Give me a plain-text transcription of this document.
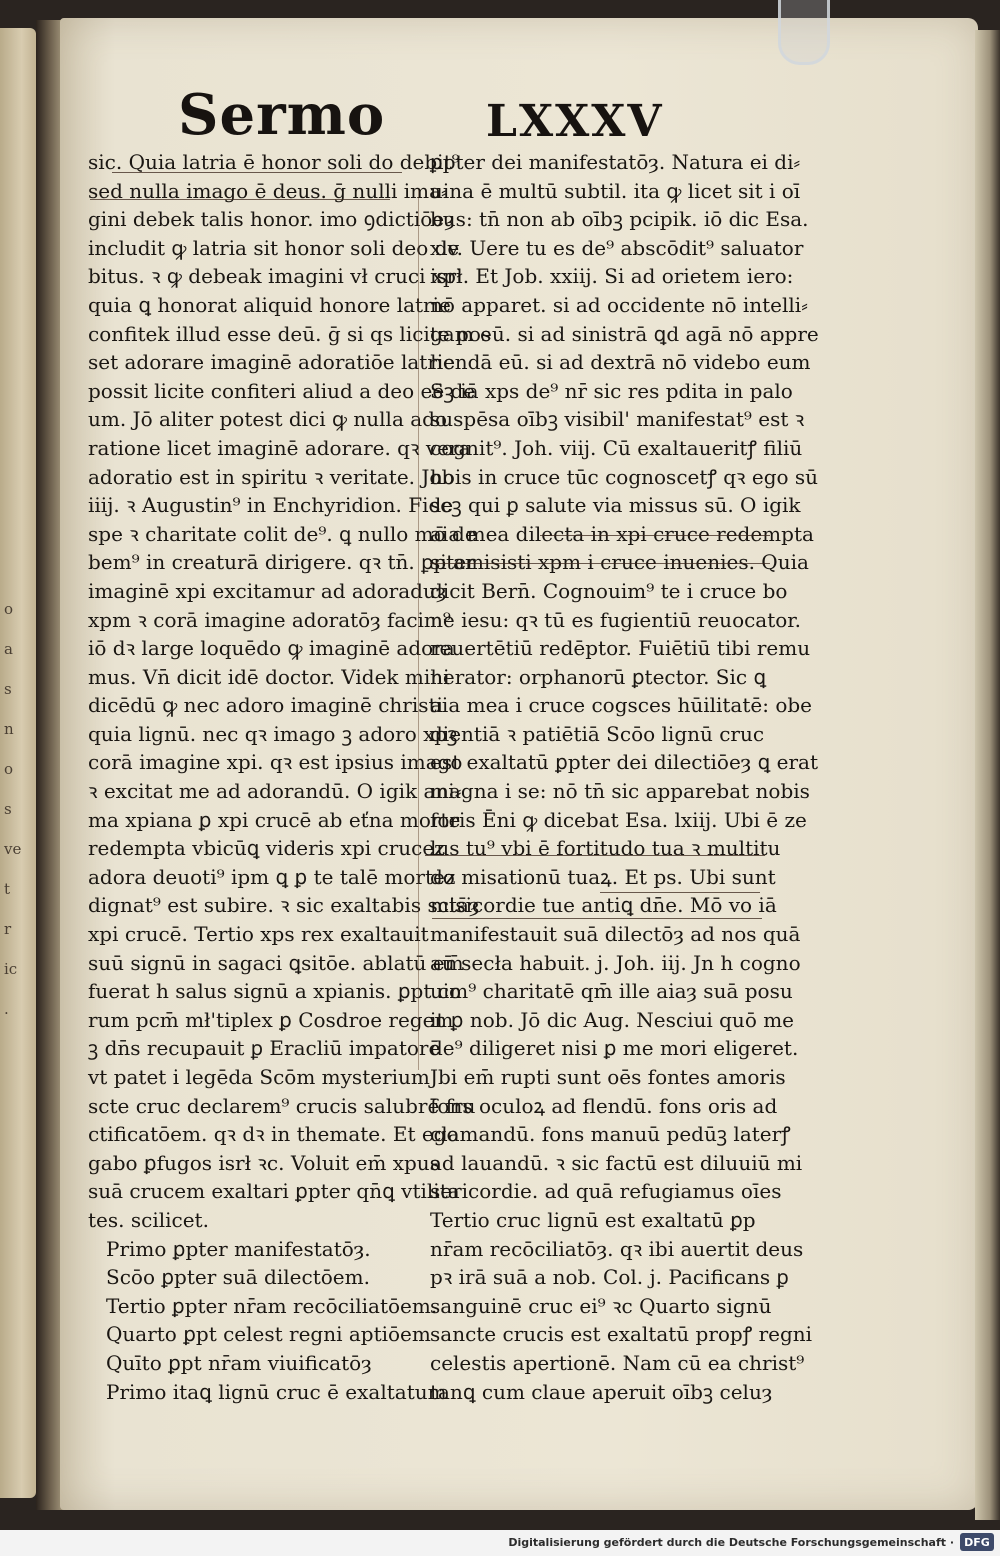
o
a
s
n
o
s
ve
t
r
ic
.
Sermo LXXXV
sic. Quia latria ē honor soli do debit⁹
sed nulla imago ē deus. ḡ nulli ima⸗
gini debek talis honor. imo ꝯdictiōeȝ
includit ꝙ latria sit honor soli deo de
bitus. ꝛ ꝙ debeak imagini vł cruci xpi
quia ꝗ honorat aliquid honore latrie
confitek illud esse deū. ḡ si qs licite pos
set adorare imaginē adoratiōe latrie
possit licite confiteri aliud a deo eē de
um. Jō aliter potest dici ꝙ nulla ado
ratione licet imaginē adorare. qꝛ vera
adoratio est in spiritu ꝛ veritate. Job
iiij. ꝛ Augustin⁹ in Enchyridion. Fide
spe ꝛ charitate colit de⁹. ꝗ nullo mō de
bem⁹ in creaturā dirigere. qꝛ tn̄. ꝑpter
imaginē xpi excitamur ad adoraduȝ
xpm ꝛ corā imagine adoratōȝ facim⁹
iō dꝛ large loquēdo ꝙ imaginē adora
mus. Vn̄ dicit idē doctor. Videk mihi
dicēdū ꝙ nec adoro imaginē christi
quia lignū. nec qꝛ imago ꝫ adoro xpꝫ
corā imagine xpi. qꝛ est ipsius imago
ꝛ excitat me ad adorandū. O igik ani⸗
ma xpiana ꝑ xpi crucē ab eťna morte
redempta vbicūꝗ videris xpi crucez
adora deuoti⁹ ipm ꝗ ꝑ te talē mortez
dignat⁹ est subire. ꝛ sic exaltabis sctāȝ
xpi crucē. Tertio xps rex exaltauit
suū signū in sagaci ꝗsitōe. ablatū em̄
fuerat h salus signū a xpianis. ꝑpt co
rum pcm̄ mł'tiplex ꝑ Cosdroe regem
ꝫ dn̄s recupauit ꝑ Eracliū impatorē
vt patet i legēda Scōm mysterium
scte cruc declarem⁹ crucis salubrē fru
ctificatōem. qꝛ dꝛ in themate. Et ego
gabo ꝑfugos isrł ꝛc. Voluit em̄ xpus
suā crucem exaltari ꝑpter qn̄ꝗ vtilita
tes. scilicet.
Primo ꝑpter manifestatōȝ.
Scōo ꝑpter suā dilectōem.
Tertio ꝑpter nr̄am recōciliatōem.
Quarto ꝑpt celest regni aptiōem
Quīto ꝑpt nr̄am viuificatōȝ
Primo itaꝗ lignū cruc ē exaltatum
ꝑpter dei manifestatōȝ. Natura ei di⸗
uina ē multū subtil. ita ꝙ licet sit i oī
bus: tn̄ non ab oībꝫ pcipik. iō dic Esa.
xlv. Uere tu es de⁹ abscōdit⁹ saluator
isrł. Et Job. xxiij. Si ad orietem iero:
nō apparet. si ad occidente nō intelli⸗
gam eū. si ad sinistrā ꝗd agā nō appre
hendā eū. si ad dextrā nō videbo eum
Sꝫ iā xps de⁹ nr̄ sic res pdita in palo
suspēsa oībꝫ visibil' manifestat⁹ est ꝛ
cognit⁹. Joh. viij. Cū exaltaueritꝭ filiū
hois in cruce tūc cognoscetꝭ qꝛ ego sū
scꝫ qui ꝑ salute via missus sū. O igik
aia mea dilecta in xpi cruce redempta
si amisisti xpm i cruce inuenies. Quia
dicit Bern̄. Cognouim⁹ te i cruce bo
ne iesu: qꝛ tū es fugientiū reuocator.
reuertētiū redēptor. Fuiētiū tibi remu
nerator: orphanorū ꝑtector. Sic ꝗ
aia mea i cruce cogsces hūilitatē: obe
dientiā ꝛ patiētiā Scōo lignū cruc
est exaltatū ꝑpter dei dilectiōeȝ ꝗ erat
magna i se: nō tn̄ sic apparebat nobis
foris Ēni ꝙ dicebat Esa. lxiij. Ubi ē ze
lus tu⁹ vbi ē fortitudo tua ꝛ multitu
do misationū tuaꝝ. Et ps. Ubi sunt
misicordie tue antiꝗ dn̄e. Mō vo iā
manifestauit suā dilectōȝ ad nos quā
aū secła habuit. j. Joh. iij. Jn h cogno
uim⁹ charitatē qm̄ ille aiaȝ suā posu
it ꝑ nob. Jō dic Aug. Nesciui quō me
de⁹ diligeret nisi ꝑ me mori eligeret.
Jbi em̄ rupti sunt oēs fontes amoris
fons oculoꝝ ad flendū. fons oris ad
clamandū. fons manuū pedūꝫ laterꝭ
ad lauandū. ꝛ sic factū est diluuiū mi
sericordie. ad quā refugiamus oīes
Tertio cruc lignū est exaltatū ꝑp
nr̄am recōciliatōȝ. qꝛ ibi auertit deus
pꝛ irā suā a nob. Col. j. Pacificans ꝑ
sanguinē cruc ei⁹ ꝛc Quarto signū
sancte crucis est exaltatū propꝭ regni
celestis apertionē. Nam cū ea christ⁹
tanꝗ cum claue aperuit oībꝫ celuȝ
Digitalisierung gefördert durch die Deutsche Forschungsgemeinschaft · DFG
